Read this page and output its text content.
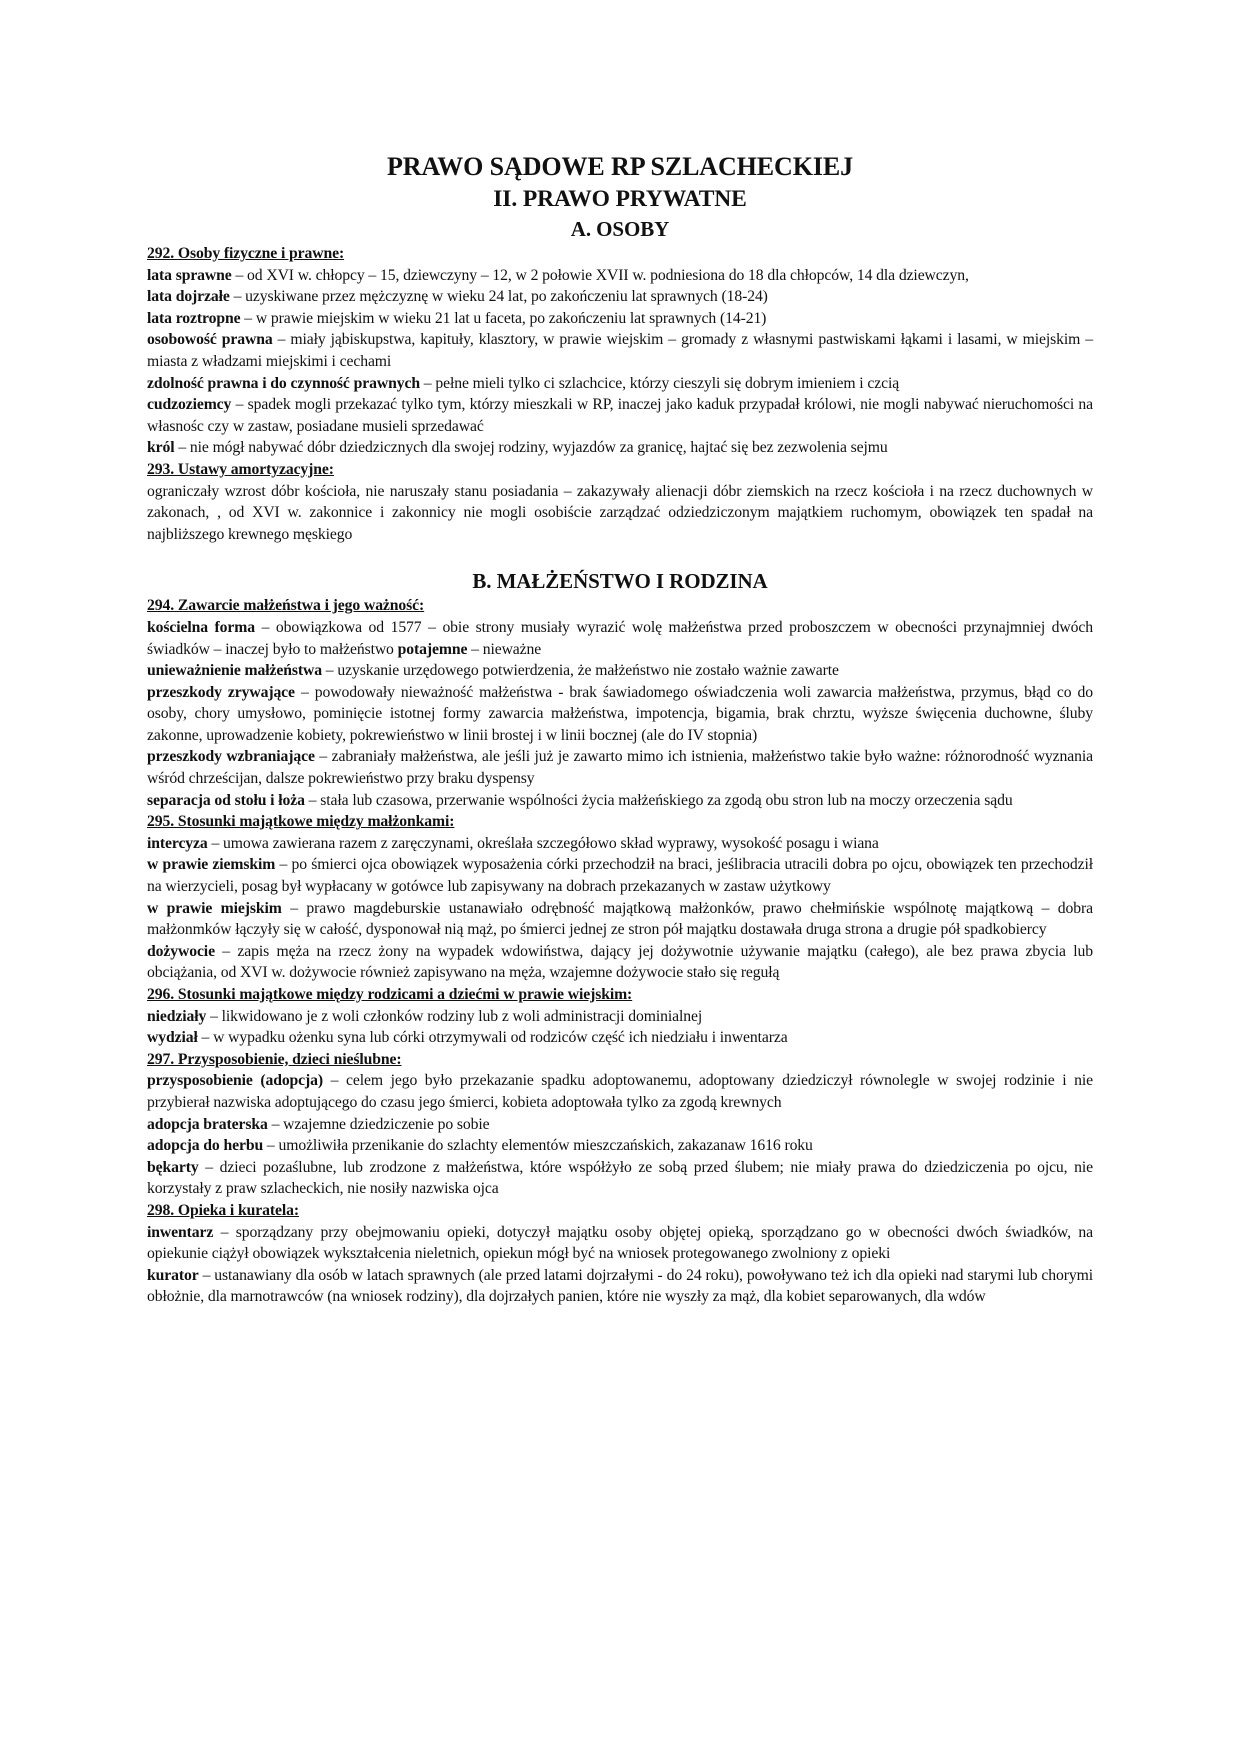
PRAWO SĄDOWE RP SZLACHECKIEJ

II. PRAWO PRYWATNE

A. OSOBY

292. Osoby fizyczne i prawne:

lata sprawne – od XVI w. chłopcy – 15, dziewczyny – 12, w 2 połowie XVII w. podniesiona do 18 dla chłopców, 14 dla dziewczyn,

lata dojrzałe – uzyskiwane przez mężczyznę w wieku 24 lat, po zakończeniu lat sprawnych (18-24)

lata roztropne – w prawie miejskim w wieku 21 lat u faceta, po zakończeniu lat sprawnych (14-21)

osobowość prawna – miały jąbiskupstwa, kapituły, klasztory, w prawie wiejskim – gromady z własnymi pastwiskami łąkami i lasami, w miejskim – miasta z władzami miejskimi i cechami

zdolność prawna i do czynność prawnych – pełne mieli tylko ci szlachcice, którzy cieszyli się dobrym imieniem i czcią

cudzoziemcy – spadek mogli przekazać tylko tym, którzy mieszkali w RP, inaczej jako kaduk przypadał królowi, nie mogli nabywać nieruchomości na własnośc czy w zastaw, posiadane musieli sprzedawać

król – nie mógł nabywać dóbr dziedzicznych dla swojej rodziny, wyjazdów za granicę, hajtać się bez zezwolenia sejmu

293. Ustawy amortyzacyjne:

ograniczały wzrost dóbr kościoła, nie naruszały stanu posiadania – zakazywały alienacji dóbr ziemskich na rzecz kościoła i na rzecz duchownych w zakonach, , od XVI w. zakonnice i zakonnicy nie mogli osobiście zarządzać odziedziczonym majątkiem ruchomym, obowiązek ten spadał na najbliższego krewnego męskiego

B. MAŁŻEŃSTWO I RODZINA

294. Zawarcie małżeństwa i jego ważność:

kościelna forma – obowiązkowa od 1577 – obie strony musiały wyrazić wolę małżeństwa przed proboszczem w obecności przynajmniej dwóch świadków – inaczej było to małżeństwo potajemne – nieważne

unieważnienie małżeństwa – uzyskanie urzędowego potwierdzenia, że małżeństwo nie zostało ważnie zawarte

przeszkody zrywające – powodowały nieważność małżeństwa - brak śawiadomego oświadczenia woli zawarcia małżeństwa, przymus, błąd co do osoby, chory umysłowo, pominięcie istotnej formy zawarcia małżeństwa, impotencja, bigamia, brak chrztu, wyższe święcenia duchowne, śluby zakonne, uprowadzenie kobiety, pokrewieństwo w linii brostej i w linii bocznej (ale do IV stopnia)

przeszkody wzbraniające – zabraniały małżeństwa, ale jeśli już je zawarto mimo ich istnienia, małżeństwo takie było ważne: różnorodność wyznania wśród chrześcijan, dalsze pokrewieństwo przy braku dyspensy

separacja od stołu i łoża – stała lub czasowa, przerwanie wspólności życia małżeńskiego za zgodą obu stron lub na moczy orzeczenia sądu

295. Stosunki majątkowe między małżonkami:

intercyza – umowa zawierana razem z zaręczynami, określała szczegółowo skład wyprawy, wysokość posagu i wiana

w prawie ziemskim – po śmierci ojca obowiązek wyposażenia córki przechodził na braci, jeślibracia utracili dobra po ojcu, obowiązek ten przechodził na wierzycieli, posag był wypłacany w gotówce lub zapisywany na dobrach przekazanych w zastaw użytkowy

w prawie miejskim – prawo magdeburskie ustanawiało odrębność majątkową małżonków, prawo chełmińskie wspólnotę majątkową – dobra małżonmków łączyły się w całość, dysponował nią mąż, po śmierci jednej ze stron pół majątku dostawała druga strona a drugie pół spadkobiercy

dożywocie – zapis męża na rzecz żony na wypadek wdowiństwa, dający jej dożywotnie używanie majątku (całego), ale bez prawa zbycia lub obciążania, od XVI w. dożywocie również zapisywano na męża, wzajemne dożywocie stało się regułą

296. Stosunki majątkowe między rodzicami a dziećmi w prawie wiejskim:

niedziały – likwidowano je z woli członków rodziny lub z woli administracji dominialnej

wydział – w wypadku ożenku syna lub córki otrzymywali od rodziców część ich niedziału i inwentarza

297. Przysposobienie, dzieci nieślubne:

przysposobienie (adopcja) – celem jego było przekazanie spadku adoptowanemu, adoptowany dziedziczył równolegle w swojej rodzinie i nie przybierał nazwiska adoptującego do czasu jego śmierci, kobieta adoptowała tylko za zgodą krewnych

adopcja braterska – wzajemne dziedziczenie po sobie

adopcja do herbu – umożliwiła przenikanie do szlachty elementów mieszczańskich, zakazanaw 1616 roku

bękarty – dzieci pozaślubne, lub zrodzone z małżeństwa, które współżyło ze sobą przed ślubem; nie miały prawa do dziedziczenia po ojcu, nie korzystały z praw szlacheckich, nie nosiły nazwiska ojca

298. Opieka i kuratela:

inwentarz – sporządzany przy obejmowaniu opieki, dotyczył majątku osoby objętej opieką, sporządzano go w obecności dwóch świadków, na opiekunie ciążył obowiązek wykształcenia nieletnich, opiekun mógł być na wniosek protegowanego zwolniony z opieki

kurator – ustanawiany dla osób w latach sprawnych (ale przed latami dojrzałymi - do 24 roku), powoływano też ich dla opieki nad starymi lub chorymi obłożnie, dla marnotrawców (na wniosek rodziny), dla dojrzałych panien, które nie wyszły za mąż, dla kobiet separowanych, dla wdów
